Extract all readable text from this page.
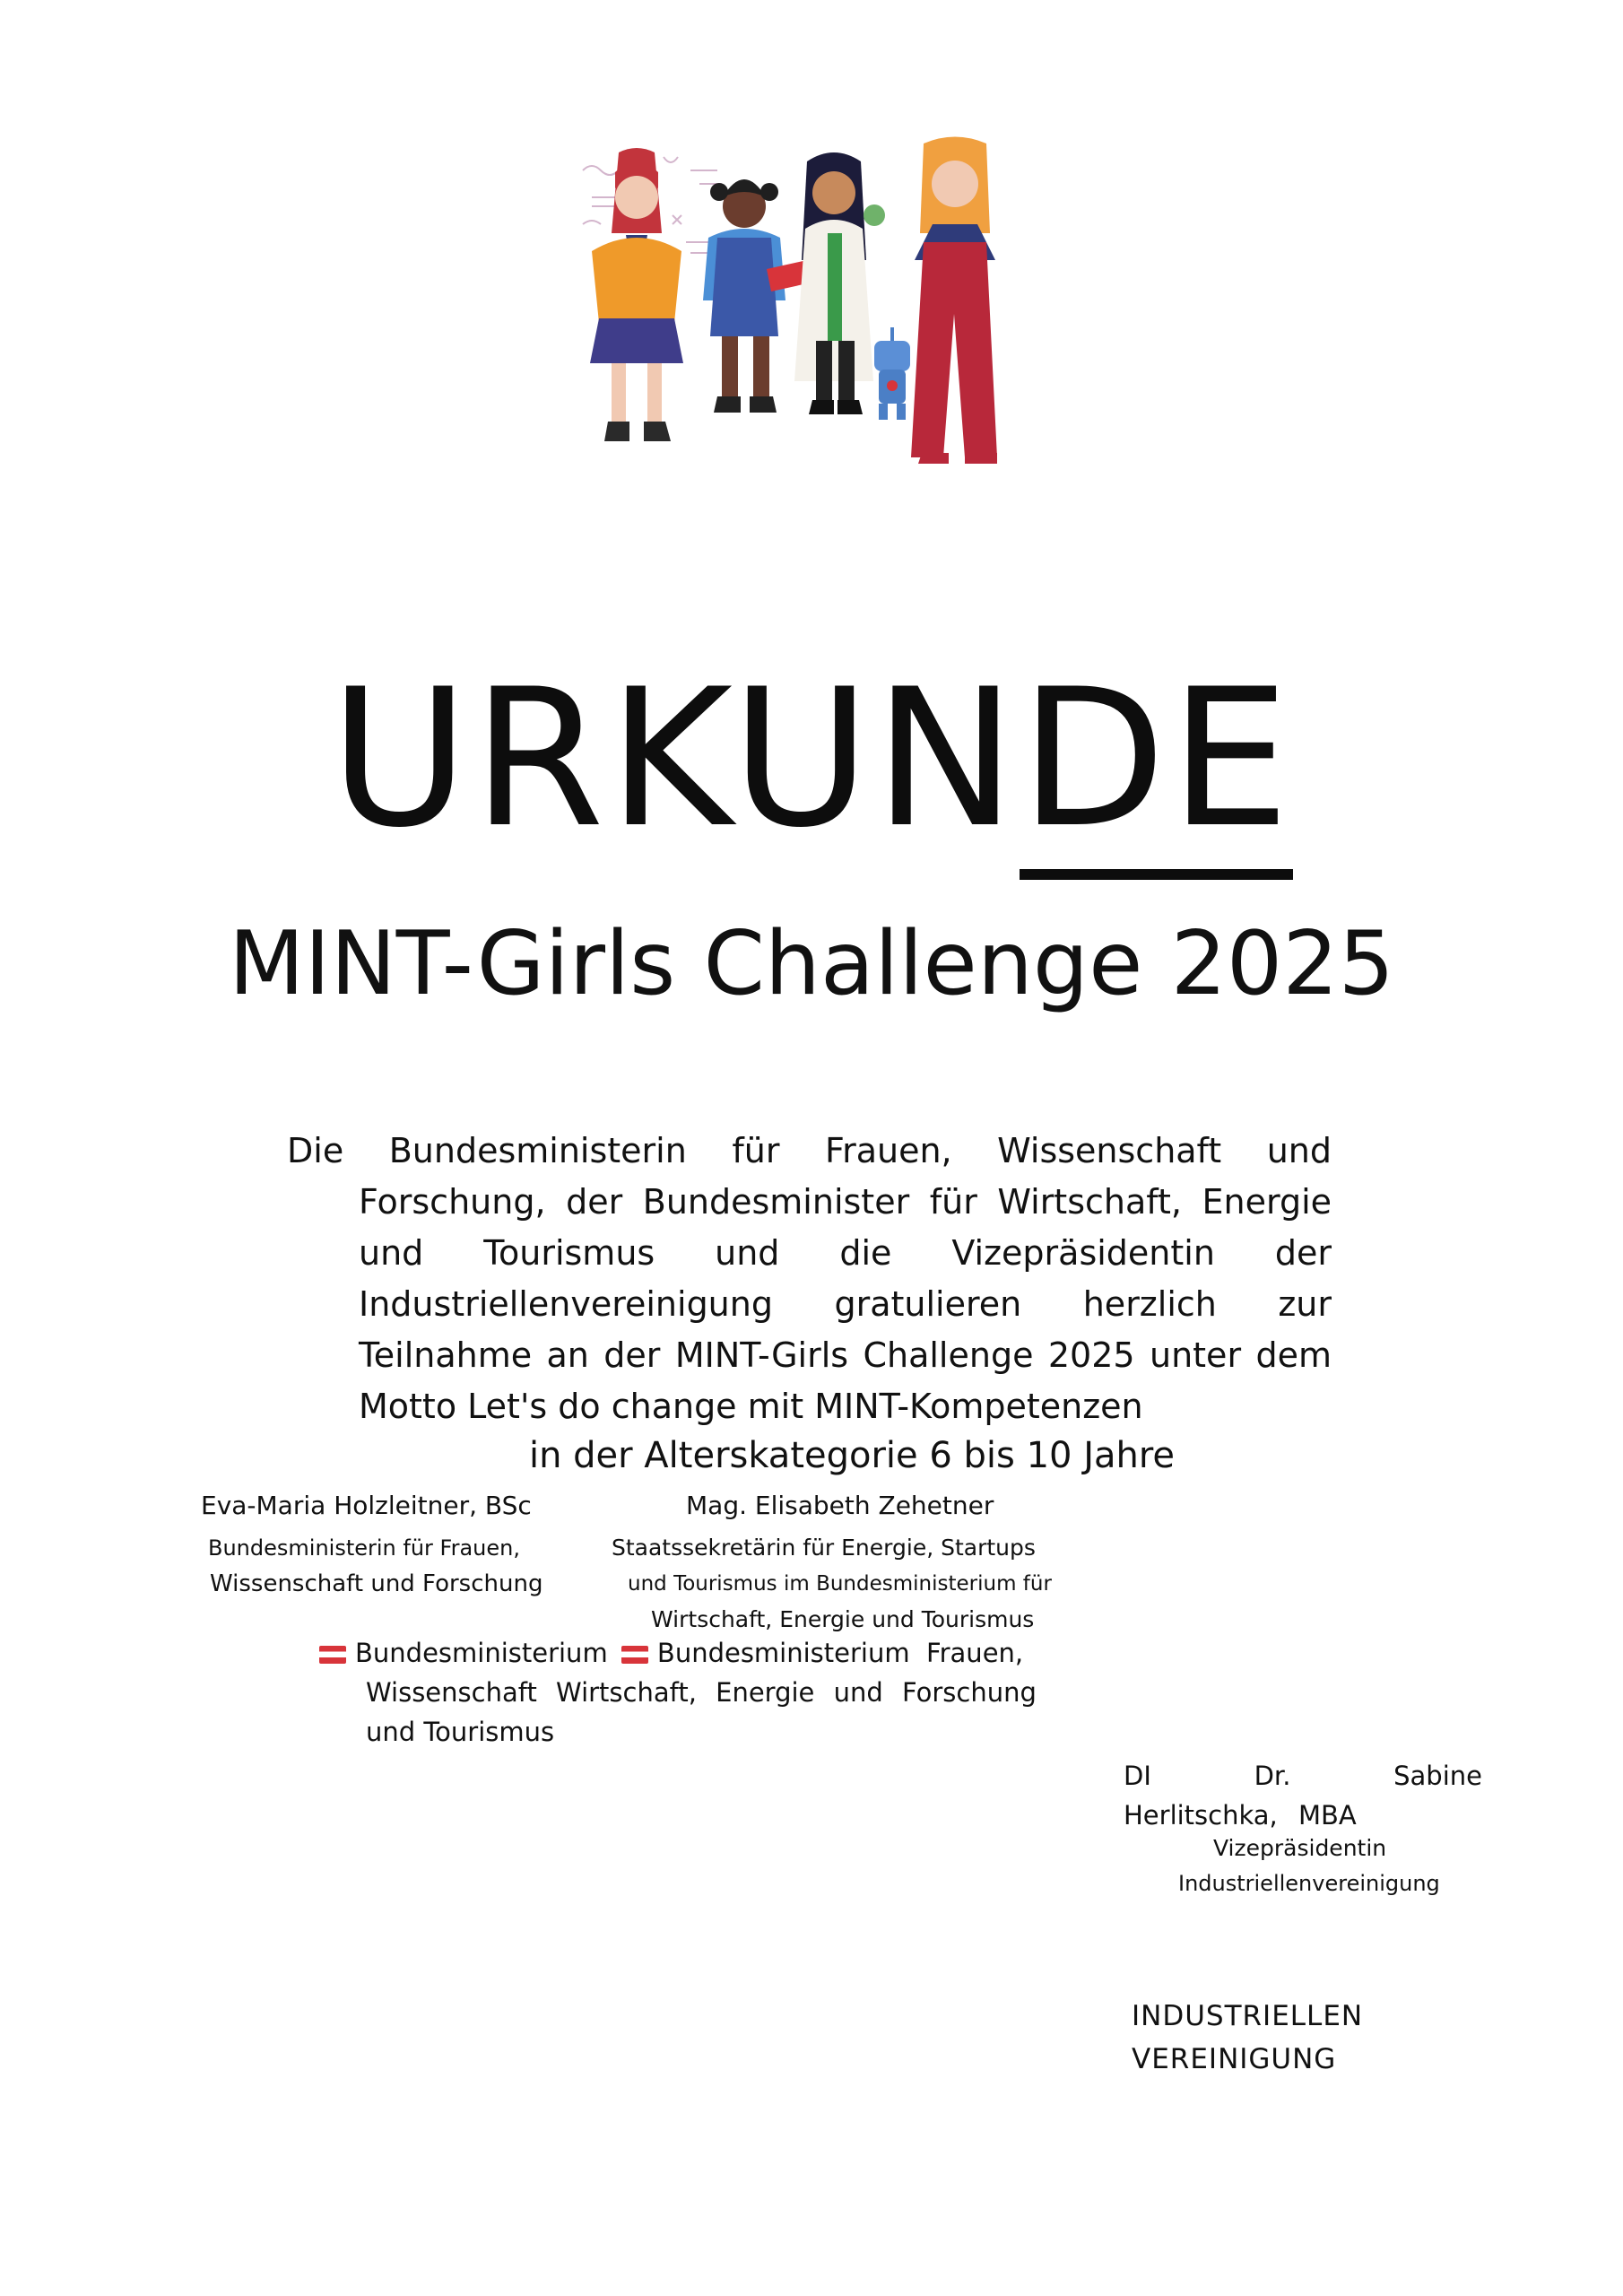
URKUNDE
MINT-Girls Challenge 2025
Die Bundesministerin für Frauen, Wissenschaft und
Forschung, der Bundesminister für Wirtschaft, Energie und Tourismus und die Vizepräsidentin der Industriellenvereinigung gratulieren herzlich zur Teilnahme an der MINT-Girls Challenge 2025 unter dem Motto Let's do change mit MINT-Kompetenzen
in der Alterskategorie 6 bis 10 Jahre
Eva-Maria Holzleitner, BSc
Bundesministerin für Frauen,
Wissenschaft und Forschung
Mag. Elisabeth Zehetner
Staatssekretärin für Energie, Startups
und Tourismus im Bundesministerium für
Wirtschaft, Energie und Tourismus
Bundesministerium Bundesministerium  Frauen,
Wissenschaft Wirtschaft, Energie und Forschung
und Tourismus
DI Dr. Sabine Herlitschka, MBA
Vizepräsidentin
Industriellenvereinigung
INDUSTRIELLEN
VEREINIGUNG
